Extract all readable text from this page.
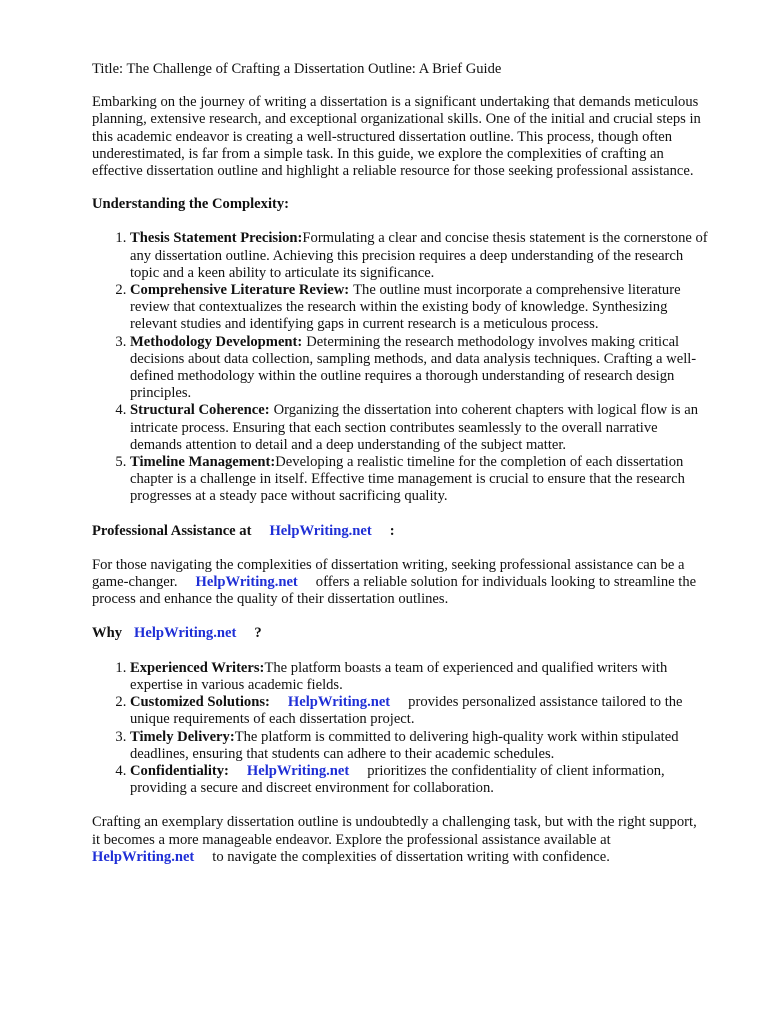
Title: The Challenge of Crafting a Dissertation Outline: A Brief Guide

Embarking on the journey of writing a dissertation is a significant undertaking that demands meticulous planning, extensive research, and exceptional organizational skills. One of the initial and crucial steps in this academic endeavor is creating a well-structured dissertation outline. This process, though often underestimated, is far from a simple task. In this guide, we explore the complexities of crafting an effective dissertation outline and highlight a reliable resource for those seeking professional assistance.

Understanding the Complexity:

1. Thesis Statement Precision:Formulating a clear and concise thesis statement is the cornerstone of any dissertation outline. Achieving this precision requires a deep understanding of the research topic and a keen ability to articulate its significance.
2. Comprehensive Literature Review: The outline must incorporate a comprehensive literature review that contextualizes the research within the existing body of knowledge. Synthesizing relevant studies and identifying gaps in current research is a meticulous process.
3. Methodology Development: Determining the research methodology involves making critical decisions about data collection, sampling methods, and data analysis techniques. Crafting a well-defined methodology within the outline requires a thorough understanding of research design principles.
4. Structural Coherence: Organizing the dissertation into coherent chapters with logical flow is an intricate process. Ensuring that each section contributes seamlessly to the overall narrative demands attention to detail and a deep understanding of the subject matter.
5. Timeline Management:Developing a realistic timeline for the completion of each dissertation chapter is a challenge in itself. Effective time management is crucial to ensure that the research progresses at a steady pace without sacrificing quality.

Professional Assistance at HelpWriting.net :

For those navigating the complexities of dissertation writing, seeking professional assistance can be a game-changer. HelpWriting.net offers a reliable solution for individuals looking to streamline the process and enhance the quality of their dissertation outlines.

Why HelpWriting.net ?

1. Experienced Writers:The platform boasts a team of experienced and qualified writers with expertise in various academic fields.
2. Customized Solutions: HelpWriting.net provides personalized assistance tailored to the unique requirements of each dissertation project.
3. Timely Delivery:The platform is committed to delivering high-quality work within stipulated deadlines, ensuring that students can adhere to their academic schedules.
4. Confidentiality: HelpWriting.net prioritizes the confidentiality of client information, providing a secure and discreet environment for collaboration.

Crafting an exemplary dissertation outline is undoubtedly a challenging task, but with the right support, it becomes a more manageable endeavor. Explore the professional assistance available at HelpWriting.net to navigate the complexities of dissertation writing with confidence.
